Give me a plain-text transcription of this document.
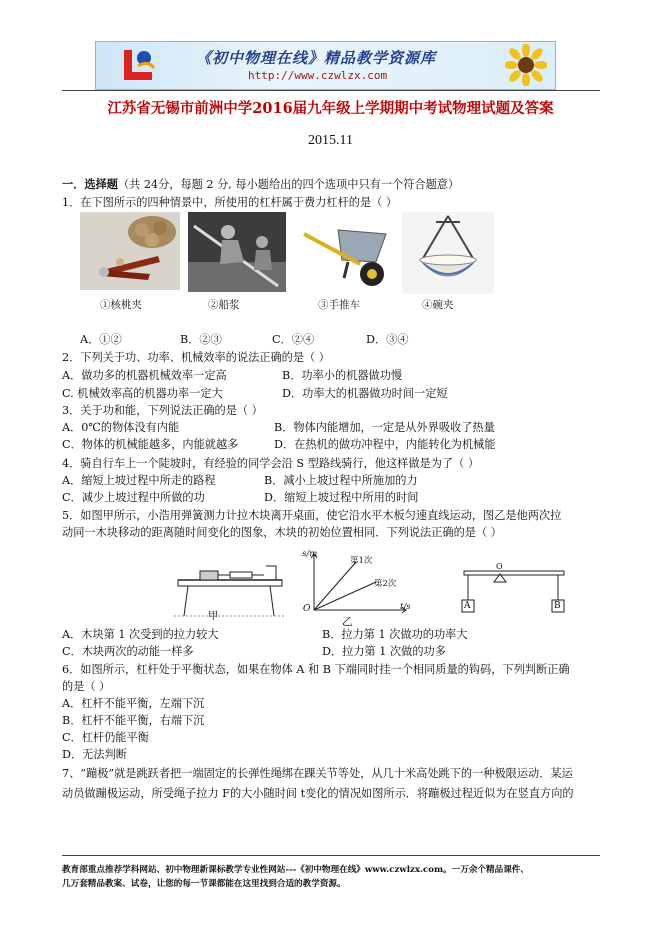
《初中物理在线》精品教学资源库
http://www.czwlzx.com
江苏省无锡市前洲中学2016届九年级上学期期中考试物理试题及答案
2015.11
一．选择题（共 24分，每题 2 分, 每小题给出的四个选项中只有一个符合题意）
1．在下图所示的四种情景中，所使用的杠杆属于费力杠杆的是（ ）
①核桃夹	②船浆	③手推车	④碗夹
A．①②	B．②③	C．②④	D．③④
2．下列关于功、功率、机械效率的说法正确的是（ ）
A．做功多的机器机械效率一定高	B．功率小的机器做功慢
C. 机械效率高的机器功率一定大	D．功率大的机器做功时间一定短
3．关于功和能，下列说法正确的是（ ）
A．0℃的物体没有内能	B．物体内能增加，一定是从外界吸收了热量
C．物体的机械能越多，内能就越多	D．在热机的做功冲程中，内能转化为机械能
4．骑自行车上一个陡坡时，有经验的同学会沿 S 型路线骑行，他这样做是为了（ ）
A．缩短上坡过程中所走的路程	B．减小上坡过程中所施加的力
C．减少上坡过程中所做的功	D．缩短上坡过程中所用的时间
5．如图甲所示，小浩用弹簧测力计拉木块离开桌面，使它沿水平木板匀速直线运动，图乙是他两次拉
动同一木块移动的距离随时间变化的图象，木块的初始位置相同．下列说法正确的是（ ）
甲
s/m
t/s
O
第1次
第2次
乙
A	B
O
A．木块第 1 次受到的拉力较大	B．拉力第 1 次做功的功率大
C．木块两次的动能一样多	D．拉力第 1 次做的功多
6．如图所示，杠杆处于平衡状态，如果在物体 A 和 B 下端同时挂一个相同质量的钩码，下列判断正确
的是（ ）
A．杠杆不能平衡，左端下沉
B．杠杆不能平衡，右端下沉
C．杠杆仍能平衡
D．无法判断
7、“蹦极”就是跳跃者把一端固定的长弹性绳绑在踝关节等处，从几十米高处跳下的一种极限运动．某运
动员做蹦极运动，所受绳子拉力 F的大小随时间 t变化的情况如图所示．将蹦极过程近似为在竖直方向的
教育部重点推荐学科网站、初中物理新课标教学专业性网站---《初中物理在线》www.czwlzx.com。一万余个精品课件、
几万套精品教案、试卷，让您的每一节课都能在这里找到合适的教学资源。
